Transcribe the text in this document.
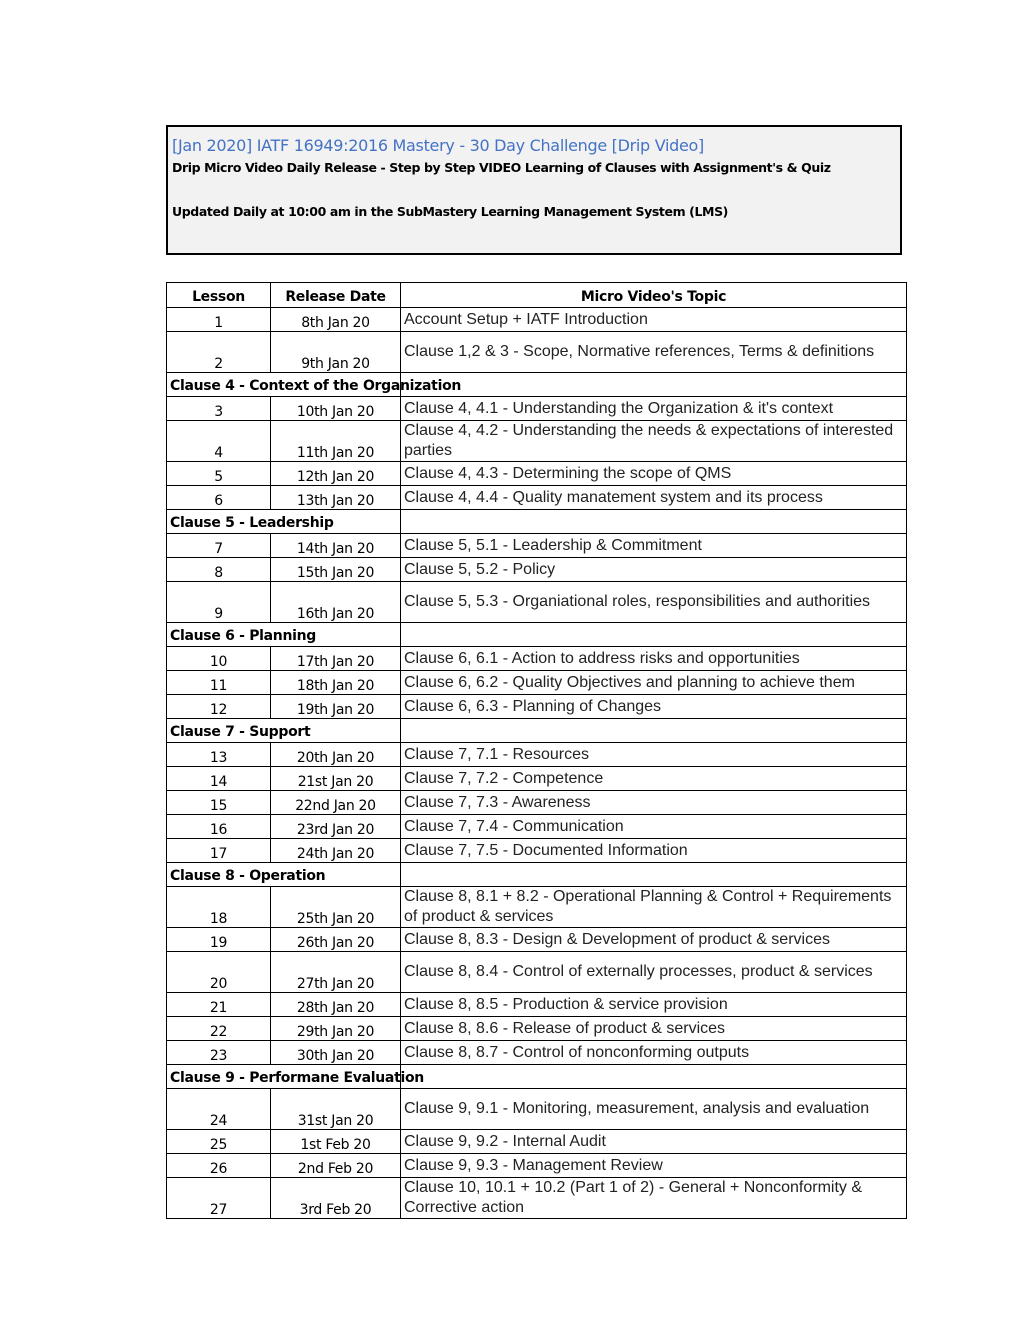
[Jan 2020] IATF 16949:2016 Mastery - 30 Day Challenge [Drip Video]
Drip Micro Video Daily Release - Step by Step VIDEO Learning of Clauses with Assignment's & Quiz
Updated Daily at 10:00 am in the SubMastery Learning Management System (LMS)
Lesson	Release Date	Micro Video's Topic
1	8th Jan 20	Account Setup + IATF Introduction
2	9th Jan 20	Clause 1,2 & 3 - Scope, Normative references, Terms & definitions
Clause 4 - Context of the Organization		
3	10th Jan 20	Clause 4, 4.1 - Understanding the Organization & it's context
4	11th Jan 20	Clause 4, 4.2 - Understanding the needs & expectations of interested parties
5	12th Jan 20	Clause 4, 4.3 - Determining the scope of QMS
6	13th Jan 20	Clause 4, 4.4 - Quality manatement system and its process
Clause 5 - Leadership		
7	14th Jan 20	Clause 5, 5.1 - Leadership & Commitment
8	15th Jan 20	Clause 5, 5.2 - Policy
9	16th Jan 20	Clause 5, 5.3 - Organiational roles, responsibilities and authorities
Clause 6 - Planning		
10	17th Jan 20	Clause 6, 6.1 - Action to address risks and opportunities
11	18th Jan 20	Clause 6, 6.2 - Quality Objectives and planning to achieve them
12	19th Jan 20	Clause 6, 6.3 - Planning of Changes
Clause 7 - Support		
13	20th Jan 20	Clause 7, 7.1 - Resources
14	21st Jan 20	Clause 7, 7.2 - Competence
15	22nd Jan 20	Clause 7, 7.3 - Awareness
16	23rd Jan 20	Clause 7, 7.4 - Communication
17	24th Jan 20	Clause 7, 7.5 - Documented Information
Clause 8 - Operation		
18	25th Jan 20	Clause 8, 8.1 + 8.2 - Operational Planning & Control + Requirements of product & services
19	26th Jan 20	Clause 8, 8.3 - Design & Development of product & services
20	27th Jan 20	Clause 8, 8.4 - Control of externally processes, product & services
21	28th Jan 20	Clause 8, 8.5 - Production & service provision
22	29th Jan 20	Clause 8, 8.6 - Release of product & services
23	30th Jan 20	Clause 8, 8.7 - Control of nonconforming outputs
Clause 9 - Performane Evaluation		
24	31st Jan 20	Clause 9, 9.1 - Monitoring, measurement, analysis and evaluation
25	1st Feb 20	Clause 9, 9.2 - Internal Audit
26	2nd Feb 20	Clause 9, 9.3 - Management Review
27	3rd Feb 20	Clause 10, 10.1 + 10.2 (Part 1 of 2) - General + Nonconformity & Corrective action
